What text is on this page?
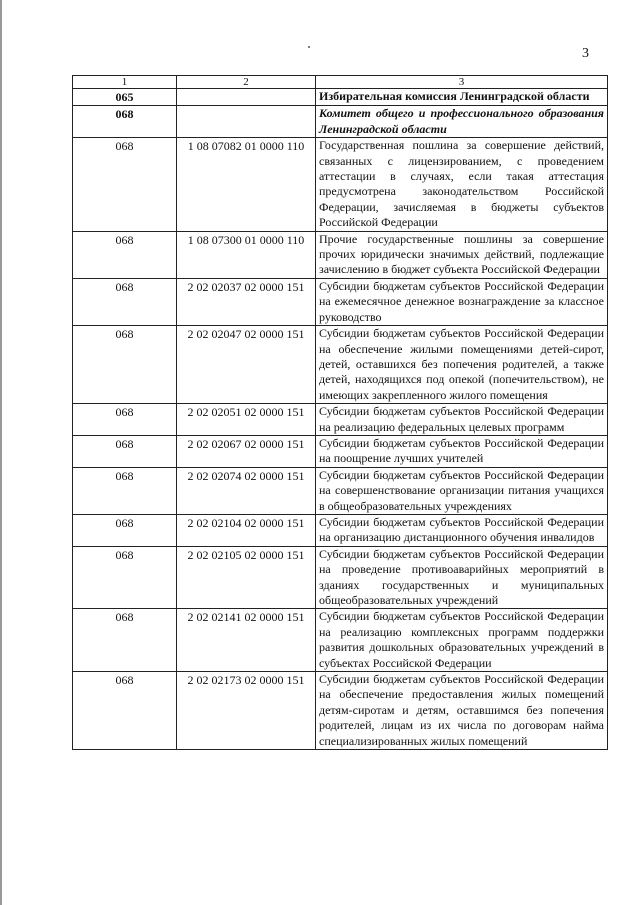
3
1	2	3
065		Избирательная комиссия Ленинградской области
068		Комитет общего и профессионального образования Ленинградской области
068	1 08 07082 01 0000 110	Государственная пошлина за совершение действий, связанных с лицензированием, с проведением аттестации в случаях, если такая аттестация предусмотрена законодательством Российской Федерации, зачисляемая в бюджеты субъектов Российской Федерации
068	1 08 07300 01 0000 110	Прочие государственные пошлины за совершение прочих юридически значимых действий, подлежащие зачислению в бюджет субъекта Российской Федерации
068	2 02 02037 02 0000 151	Субсидии бюджетам субъектов Российской Федерации на ежемесячное денежное вознаграждение за классное руководство
068	2 02 02047 02 0000 151	Субсидии бюджетам субъектов Российской Федерации на обеспечение жилыми помещениями детей-сирот, детей, оставшихся без попечения родителей, а также детей, находящихся под опекой (попечительством), не имеющих закрепленного жилого помещения
068	2 02 02051 02 0000 151	Субсидии бюджетам субъектов Российской Федерации на реализацию федеральных целевых программ
068	2 02 02067 02 0000 151	Субсидии бюджетам субъектов Российской Федерации на поощрение лучших учителей
068	2 02 02074 02 0000 151	Субсидии бюджетам субъектов Российской Федерации на совершенствование организации питания учащихся в общеобразовательных учреждениях
068	2 02 02104 02 0000 151	Субсидии бюджетам субъектов Российской Федерации на организацию дистанционного обучения инвалидов
068	2 02 02105 02 0000 151	Субсидии бюджетам субъектов Российской Федерации на проведение противоаварийных мероприятий в зданиях государственных и муниципальных общеобразовательных учреждений
068	2 02 02141 02 0000 151	Субсидии бюджетам субъектов Российской Федерации на реализацию комплексных программ поддержки развития дошкольных образовательных учреждений в субъектах Российской Федерации
068	2 02 02173 02 0000 151	Субсидии бюджетам субъектов Российской Федерации на обеспечение предоставления жилых помещений детям-сиротам и детям, оставшимся без попечения родителей, лицам из их числа по договорам найма специализированных жилых помещений
